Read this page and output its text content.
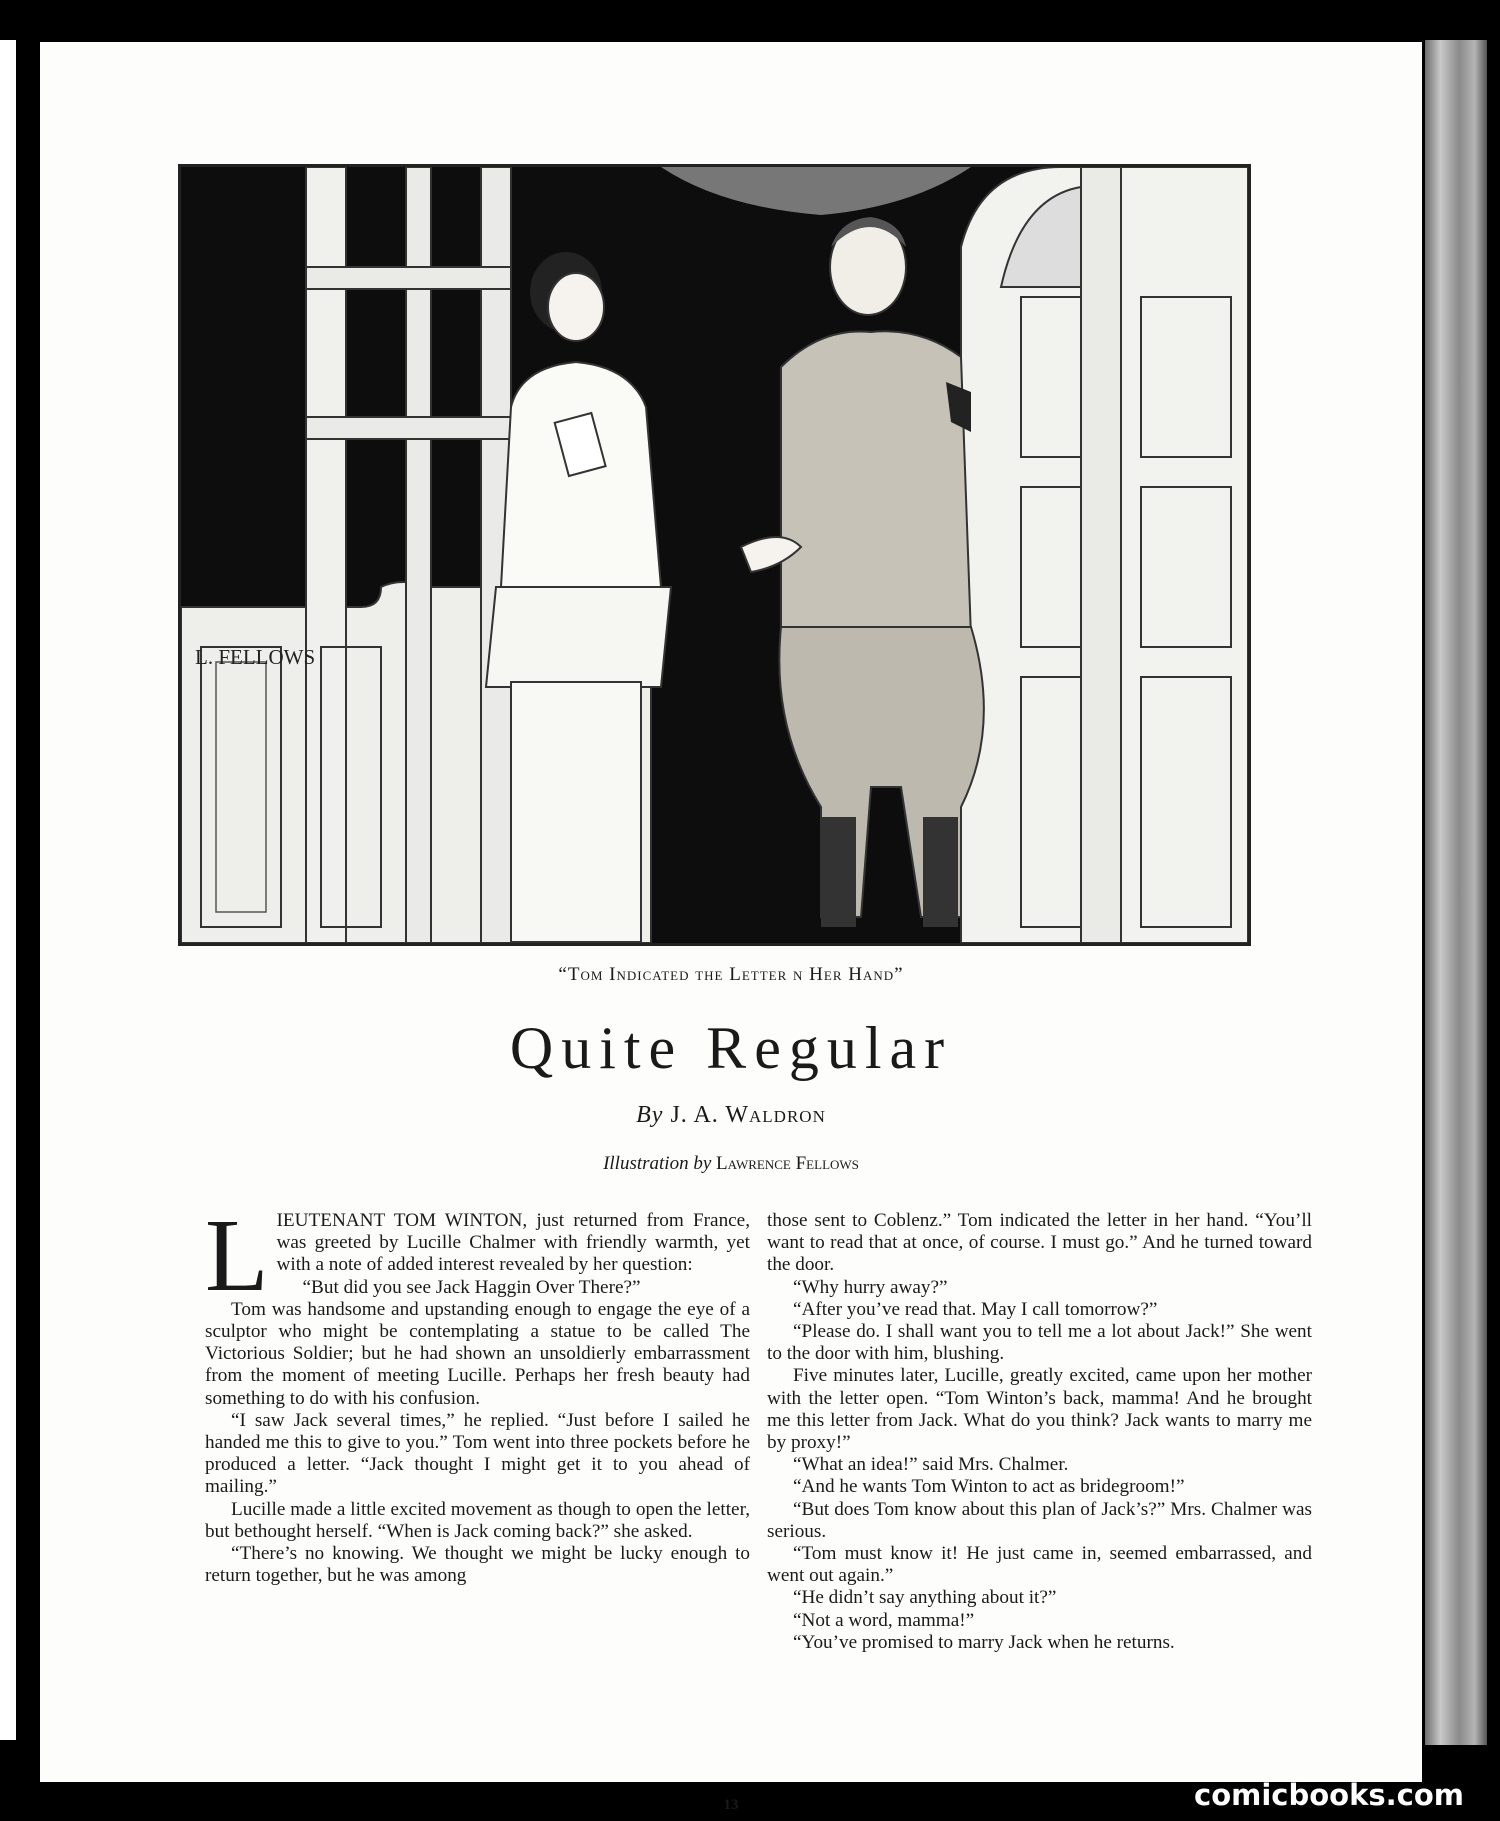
L. FELLOWS
“Tom Indicated the Letter n Her Hand”
Quite Regular
By J. A. Waldron
Illustration by Lawrence Fellows

LIEUTENANT TOM WINTON, just returned from France, was greeted by Lucille Chalmer with friendly warmth, yet with a note of added interest revealed by her question:

“But did you see Jack Haggin Over There?”

Tom was handsome and upstanding enough to engage the eye of a sculptor who might be contemplating a statue to be called The Victorious Soldier; but he had shown an unsoldierly embarrassment from the moment of meeting Lucille. Perhaps her fresh beauty had something to do with his confusion.

“I saw Jack several times,” he replied. “Just before I sailed he handed me this to give to you.” Tom went into three pockets before he produced a letter. “Jack thought I might get it to you ahead of mailing.”

Lucille made a little excited movement as though to open the letter, but bethought herself. “When is Jack coming back?” she asked.

“There’s no knowing. We thought we might be lucky enough to return together, but he was among

those sent to Coblenz.” Tom indicated the letter in her hand. “You’ll want to read that at once, of course. I must go.” And he turned toward the door.

“Why hurry away?”

“After you’ve read that. May I call tomorrow?”

“Please do. I shall want you to tell me a lot about Jack!” She went to the door with him, blushing.

Five minutes later, Lucille, greatly excited, came upon her mother with the letter open. “Tom Winton’s back, mamma! And he brought me this letter from Jack. What do you think? Jack wants to marry me by proxy!”

“What an idea!” said Mrs. Chalmer.

“And he wants Tom Winton to act as bridegroom!”

“But does Tom know about this plan of Jack’s?” Mrs. Chalmer was serious.

“Tom must know it! He just came in, seemed embarrassed, and went out again.”

“He didn’t say anything about it?”

“Not a word, mamma!”

“You’ve promised to marry Jack when he returns.

13	comicbooks.com
